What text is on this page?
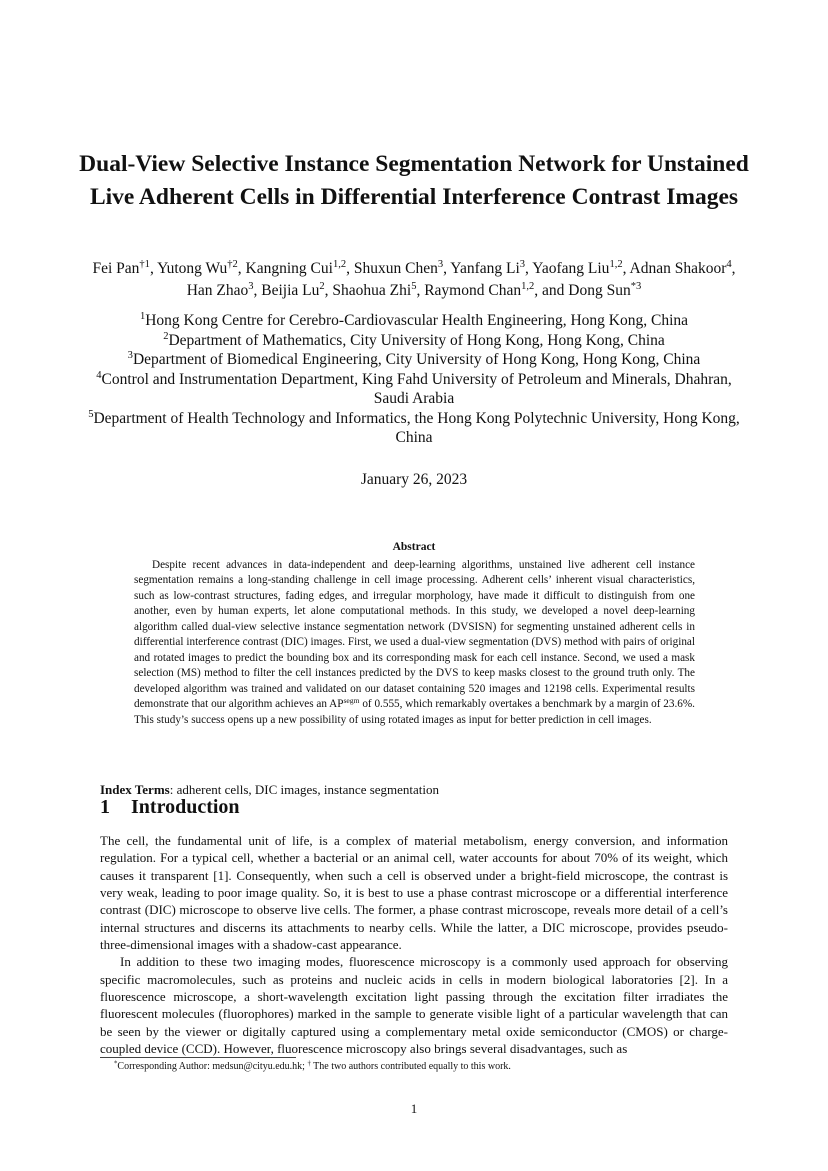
Dual-View Selective Instance Segmentation Network for Unstained Live Adherent Cells in Differential Interference Contrast Images

Fei Pan$^{\dagger 1}$, Yutong Wu$^{\dagger 2}$, Kangning Cui$^{1,2}$, Shuxun Chen$^3$, Yanfang Li$^3$, Yaofang Liu$^{1,2}$, Adnan Shakoor$^4$, Han Zhao$^3$, Beijia Lu$^2$, Shaohua Zhi$^5$, Raymond Chan$^{1,2}$, and Dong Sun$^{*3}$

$^1$Hong Kong Centre for Cerebro-Cardiovascular Health Engineering, Hong Kong, China
$^2$Department of Mathematics, City University of Hong Kong, Hong Kong, China
$^3$Department of Biomedical Engineering, City University of Hong Kong, Hong Kong, China
$^4$Control and Instrumentation Department, King Fahd University of Petroleum and Minerals, Dhahran, Saudi Arabia
$^5$Department of Health Technology and Informatics, the Hong Kong Polytechnic University, Hong Kong, China
January 26, 2023
Abstract

Despite recent advances in data-independent and deep-learning algorithms, unstained live adherent cell instance segmentation remains a long-standing challenge in cell image processing. Adherent cells’ inherent visual characteristics, such as low-contrast structures, fading edges, and irregular morphology, have made it difficult to distinguish from one another, even by human experts, let alone computational methods. In this study, we developed a novel deep-learning algorithm called dual-view selective instance segmentation network (DVSISN) for segmenting unstained adherent cells in differential interference contrast (DIC) images. First, we used a dual-view segmentation (DVS) method with pairs of original and rotated images to predict the bounding box and its corresponding mask for each cell instance. Second, we used a mask selection (MS) method to filter the cell instances predicted by the DVS to keep masks closest to the ground truth only. The developed algorithm was trained and validated on our dataset containing 520 images and 12198 cells. Experimental results demonstrate that our algorithm achieves an $AP^{segm}$ of 0.555, which remarkably overtakes a benchmark by a margin of 23.6%. This study’s success opens up a new possibility of using rotated images as input for better prediction in cell images.

Index Terms: adherent cells, DIC images, instance segmentation

1 Introduction

The cell, the fundamental unit of life, is a complex of material metabolism, energy conversion, and information regulation. For a typical cell, whether a bacterial or an animal cell, water accounts for about 70% of its weight, which causes it transparent [1]. Consequently, when such a cell is observed under a bright-field microscope, the contrast is very weak, leading to poor image quality. So, it is best to use a phase contrast microscope or a differential interference contrast (DIC) microscope to observe live cells. The former, a phase contrast microscope, reveals more detail of a cell’s internal structures and discerns its attachments to nearby cells. While the latter, a DIC microscope, provides pseudo-three-dimensional images with a shadow-cast appearance.

In addition to these two imaging modes, fluorescence microscopy is a commonly used approach for observing specific macromolecules, such as proteins and nucleic acids in cells in modern biological laboratories [2]. In a fluorescence microscope, a short-wavelength excitation light passing through the excitation filter irradiates the fluorescent molecules (fluorophores) marked in the sample to generate visible light of a particular wavelength that can be seen by the viewer or digitally captured using a complementary metal oxide semiconductor (CMOS) or charge-coupled device (CCD). However, fluorescence microscopy also brings several disadvantages, such as

*Corresponding Author: medsun@cityu.edu.hk; † The two authors contributed equally to this work.

1
